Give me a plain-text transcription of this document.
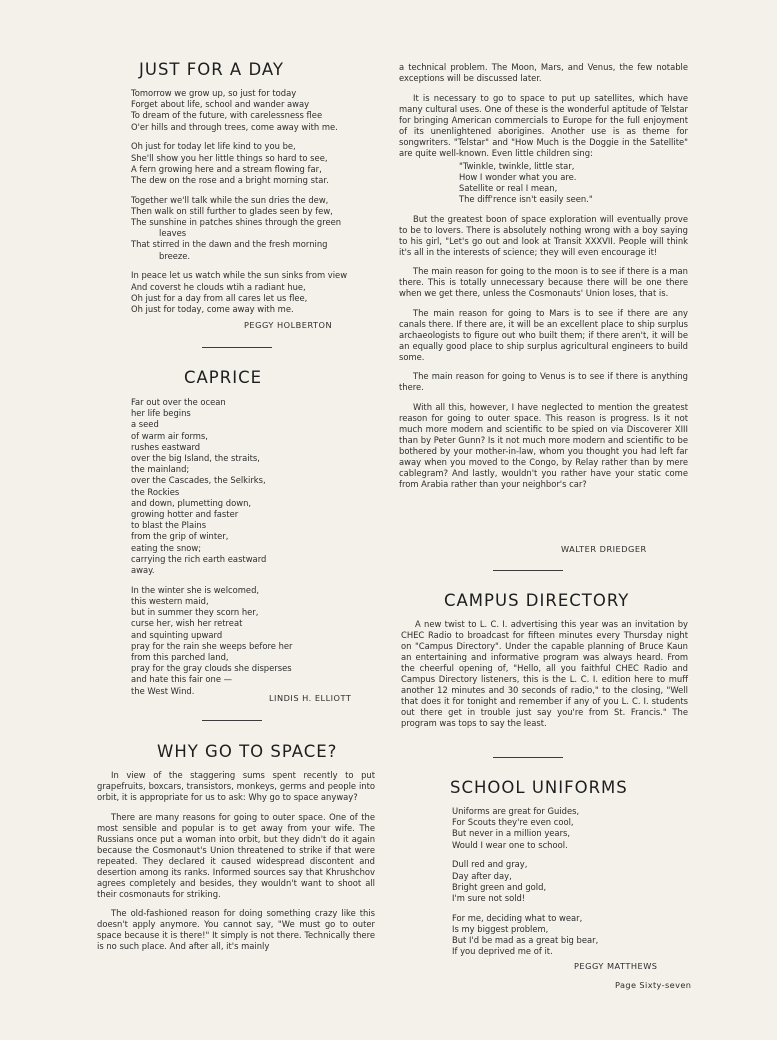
JUST FOR A DAY
Tomorrow we grow up, so just for today
Forget about life, school and wander away
To dream of the future, with carelessness flee
O'er hills and through trees, come away with me.
Oh just for today let life kind to you be,
She'll show you her little things so hard to see,
A fern growing here and a stream flowing far,
The dew on the rose and a bright morning star.
Together we'll talk while the sun dries the dew,
Then walk on still further to glades seen by few,
The sunshine in patches shines through the green
leaves
That stirred in the dawn and the fresh morning
breeze.
In peace let us watch while the sun sinks from view
And coverst he clouds wtih a radiant hue,
Oh just for a day from all cares let us flee,
Oh just for today, come away with me.
PEGGY HOLBERTON
CAPRICE
Far out over the ocean
her life begins
a seed
of warm air forms,
rushes eastward
over the big Island, the straits,
the mainland;
over the Cascades, the Selkirks,
the Rockies
and down, plumetting down,
growing hotter and faster
to blast the Plains
from the grip of winter,
eating the snow;
carrying the rich earth eastward
away.
In the winter she is welcomed,
this western maid,
but in summer they scorn her,
curse her, wish her retreat
and squinting upward
pray for the rain she weeps before her
from this parched land,
pray for the gray clouds she disperses
and hate this fair one —
the West Wind.
LINDIS H. ELLIOTT
WHY GO TO SPACE?

In view of the staggering sums spent recently to put grapefruits, boxcars, transistors, monkeys, germs and people into orbit, it is appropriate for us to ask: Why go to space anyway?

There are many reasons for going to outer space. One of the most sensible and popular is to get away from your wife. The Russians once put a woman into orbit, but they didn't do it again because the Cosmonaut's Union threatened to strike if that were repeated. They declared it caused widespread discontent and desertion among its ranks. Informed sources say that Khrushchov agrees completely and besides, they wouldn't want to shoot all their cosmonauts for striking.

The old-fashioned reason for doing something crazy like this doesn't apply anymore. You cannot say, "We must go to outer space because it is there!" It simply is not there. Technically there is no such place. And after all, it's mainly

a technical problem. The Moon, Mars, and Venus, the few notable exceptions will be discussed later.

It is necessary to go to space to put up satellites, which have many cultural uses. One of these is the wonderful aptitude of Telstar for bringing American commercials to Europe for the full enjoyment of its unenlightened aborigines. Another use is as theme for songwriters. "Telstar" and "How Much is the Doggie in the Satellite" are quite well-known. Even little children sing:

"Twinkle, twinkle, little star,
How I wonder what you are.
Satellite or real I mean,
The diff'rence isn't easily seen."

But the greatest boon of space exploration will eventually prove to be to lovers. There is absolutely nothing wrong with a boy saying to his girl, "Let's go out and look at Transit XXXVII. People will think it's all in the interests of science; they will even encourage it!

The main reason for going to the moon is to see if there is a man there. This is totally unnecessary because there will be one there when we get there, unless the Cosmonauts' Union loses, that is.

The main reason for going to Mars is to see if there are any canals there. If there are, it will be an excellent place to ship surplus archaeologists to figure out who built them; if there aren't, it will be an equally good place to ship surplus agricultural engineers to build some.

The main reason for going to Venus is to see if there is anything there.

With all this, however, I have neglected to mention the greatest reason for going to outer space. This reason is progress. Is it not much more modern and scientific to be spied on via Discoverer XIII than by Peter Gunn? Is it not much more modern and scientific to be bothered by your mother-in-law, whom you thought you had left far away when you moved to the Congo, by Relay rather than by mere cablegram? And lastly, wouldn't you rather have your static come from Arabia rather than your neighbor's car?

WALTER DRIEDGER
CAMPUS DIRECTORY

A new twist to L. C. I. advertising this year was an invitation by CHEC Radio to broadcast for fifteen minutes every Thursday night on "Campus Directory". Under the capable planning of Bruce Kaun an entertaining and informative program was always heard. From the cheerful opening of, "Hello, all you faithful CHEC Radio and Campus Directory listeners, this is the L. C. I. edition here to muff another 12 minutes and 30 seconds of radio," to the closing, "Well that does it for tonight and remember if any of you L. C. I. students out there get in trouble just say you're from St. Francis." The program was tops to say the least.

SCHOOL UNIFORMS
Uniforms are great for Guides,
For Scouts they're even cool,
But never in a million years,
Would I wear one to school.
Dull red and gray,
Day after day,
Bright green and gold,
I'm sure not sold!
For me, deciding what to wear,
Is my biggest problem,
But I'd be mad as a great big bear,
If you deprived me of it.
PEGGY MATTHEWS
Page Sixty-seven
